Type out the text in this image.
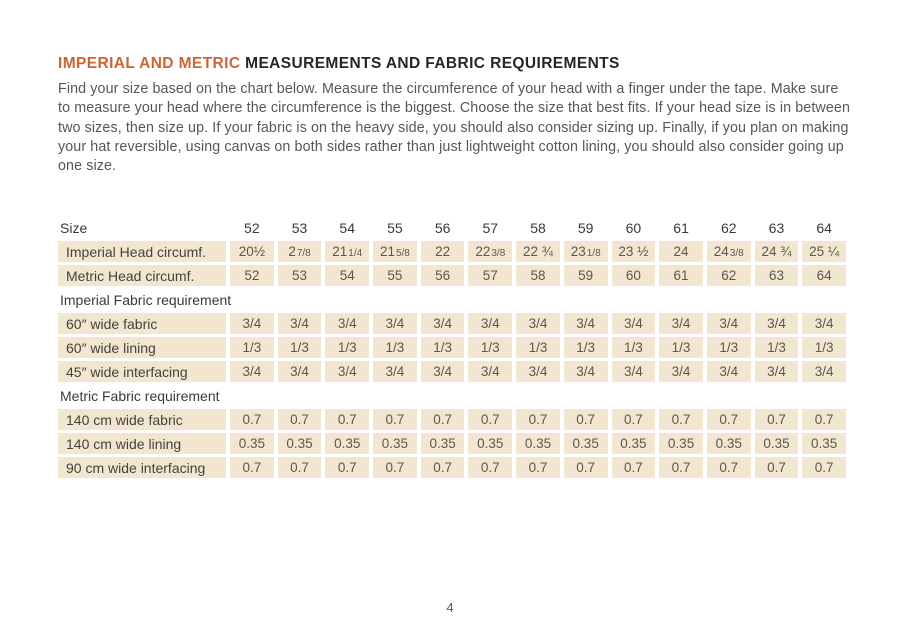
IMPERIAL AND METRIC MEASUREMENTS AND FABRIC REQUIREMENTS

Find your size based on the chart below. Measure the circumference of your head with a finger under the tape. Make sure to measure your head where the circumference is the biggest. Choose the size that best fits. If your head size is in between two sizes, then size up. If your fabric is on the heavy side, you should also consider sizing up. Finally, if you plan on making your hat reversible, using canvas on both sides rather than just lightweight cotton lining, you should also consider going up one size.

Size	52	53	54	55	56	57	58	59	60	61	62	63	64
Imperial Head circumf.	20½	2 7/8	21 1/4	21 5/8	22	22 3/8	22 ¾	23 1/8	23 ½	24	24 3/8	24 ¾	25 ¼
Metric Head circumf.	52	53	54	55	56	57	58	59	60	61	62	63	64
Imperial Fabric requirement
60″ wide fabric	3/4	3/4	3/4	3/4	3/4	3/4	3/4	3/4	3/4	3/4	3/4	3/4	3/4
60″ wide lining	1/3	1/3	1/3	1/3	1/3	1/3	1/3	1/3	1/3	1/3	1/3	1/3	1/3
45″ wide interfacing	3/4	3/4	3/4	3/4	3/4	3/4	3/4	3/4	3/4	3/4	3/4	3/4	3/4
Metric Fabric requirement
140 cm wide fabric	0.7	0.7	0.7	0.7	0.7	0.7	0.7	0.7	0.7	0.7	0.7	0.7	0.7
140 cm wide lining	0.35	0.35	0.35	0.35	0.35	0.35	0.35	0.35	0.35	0.35	0.35	0.35	0.35
90 cm wide interfacing	0.7	0.7	0.7	0.7	0.7	0.7	0.7	0.7	0.7	0.7	0.7	0.7	0.7
4
